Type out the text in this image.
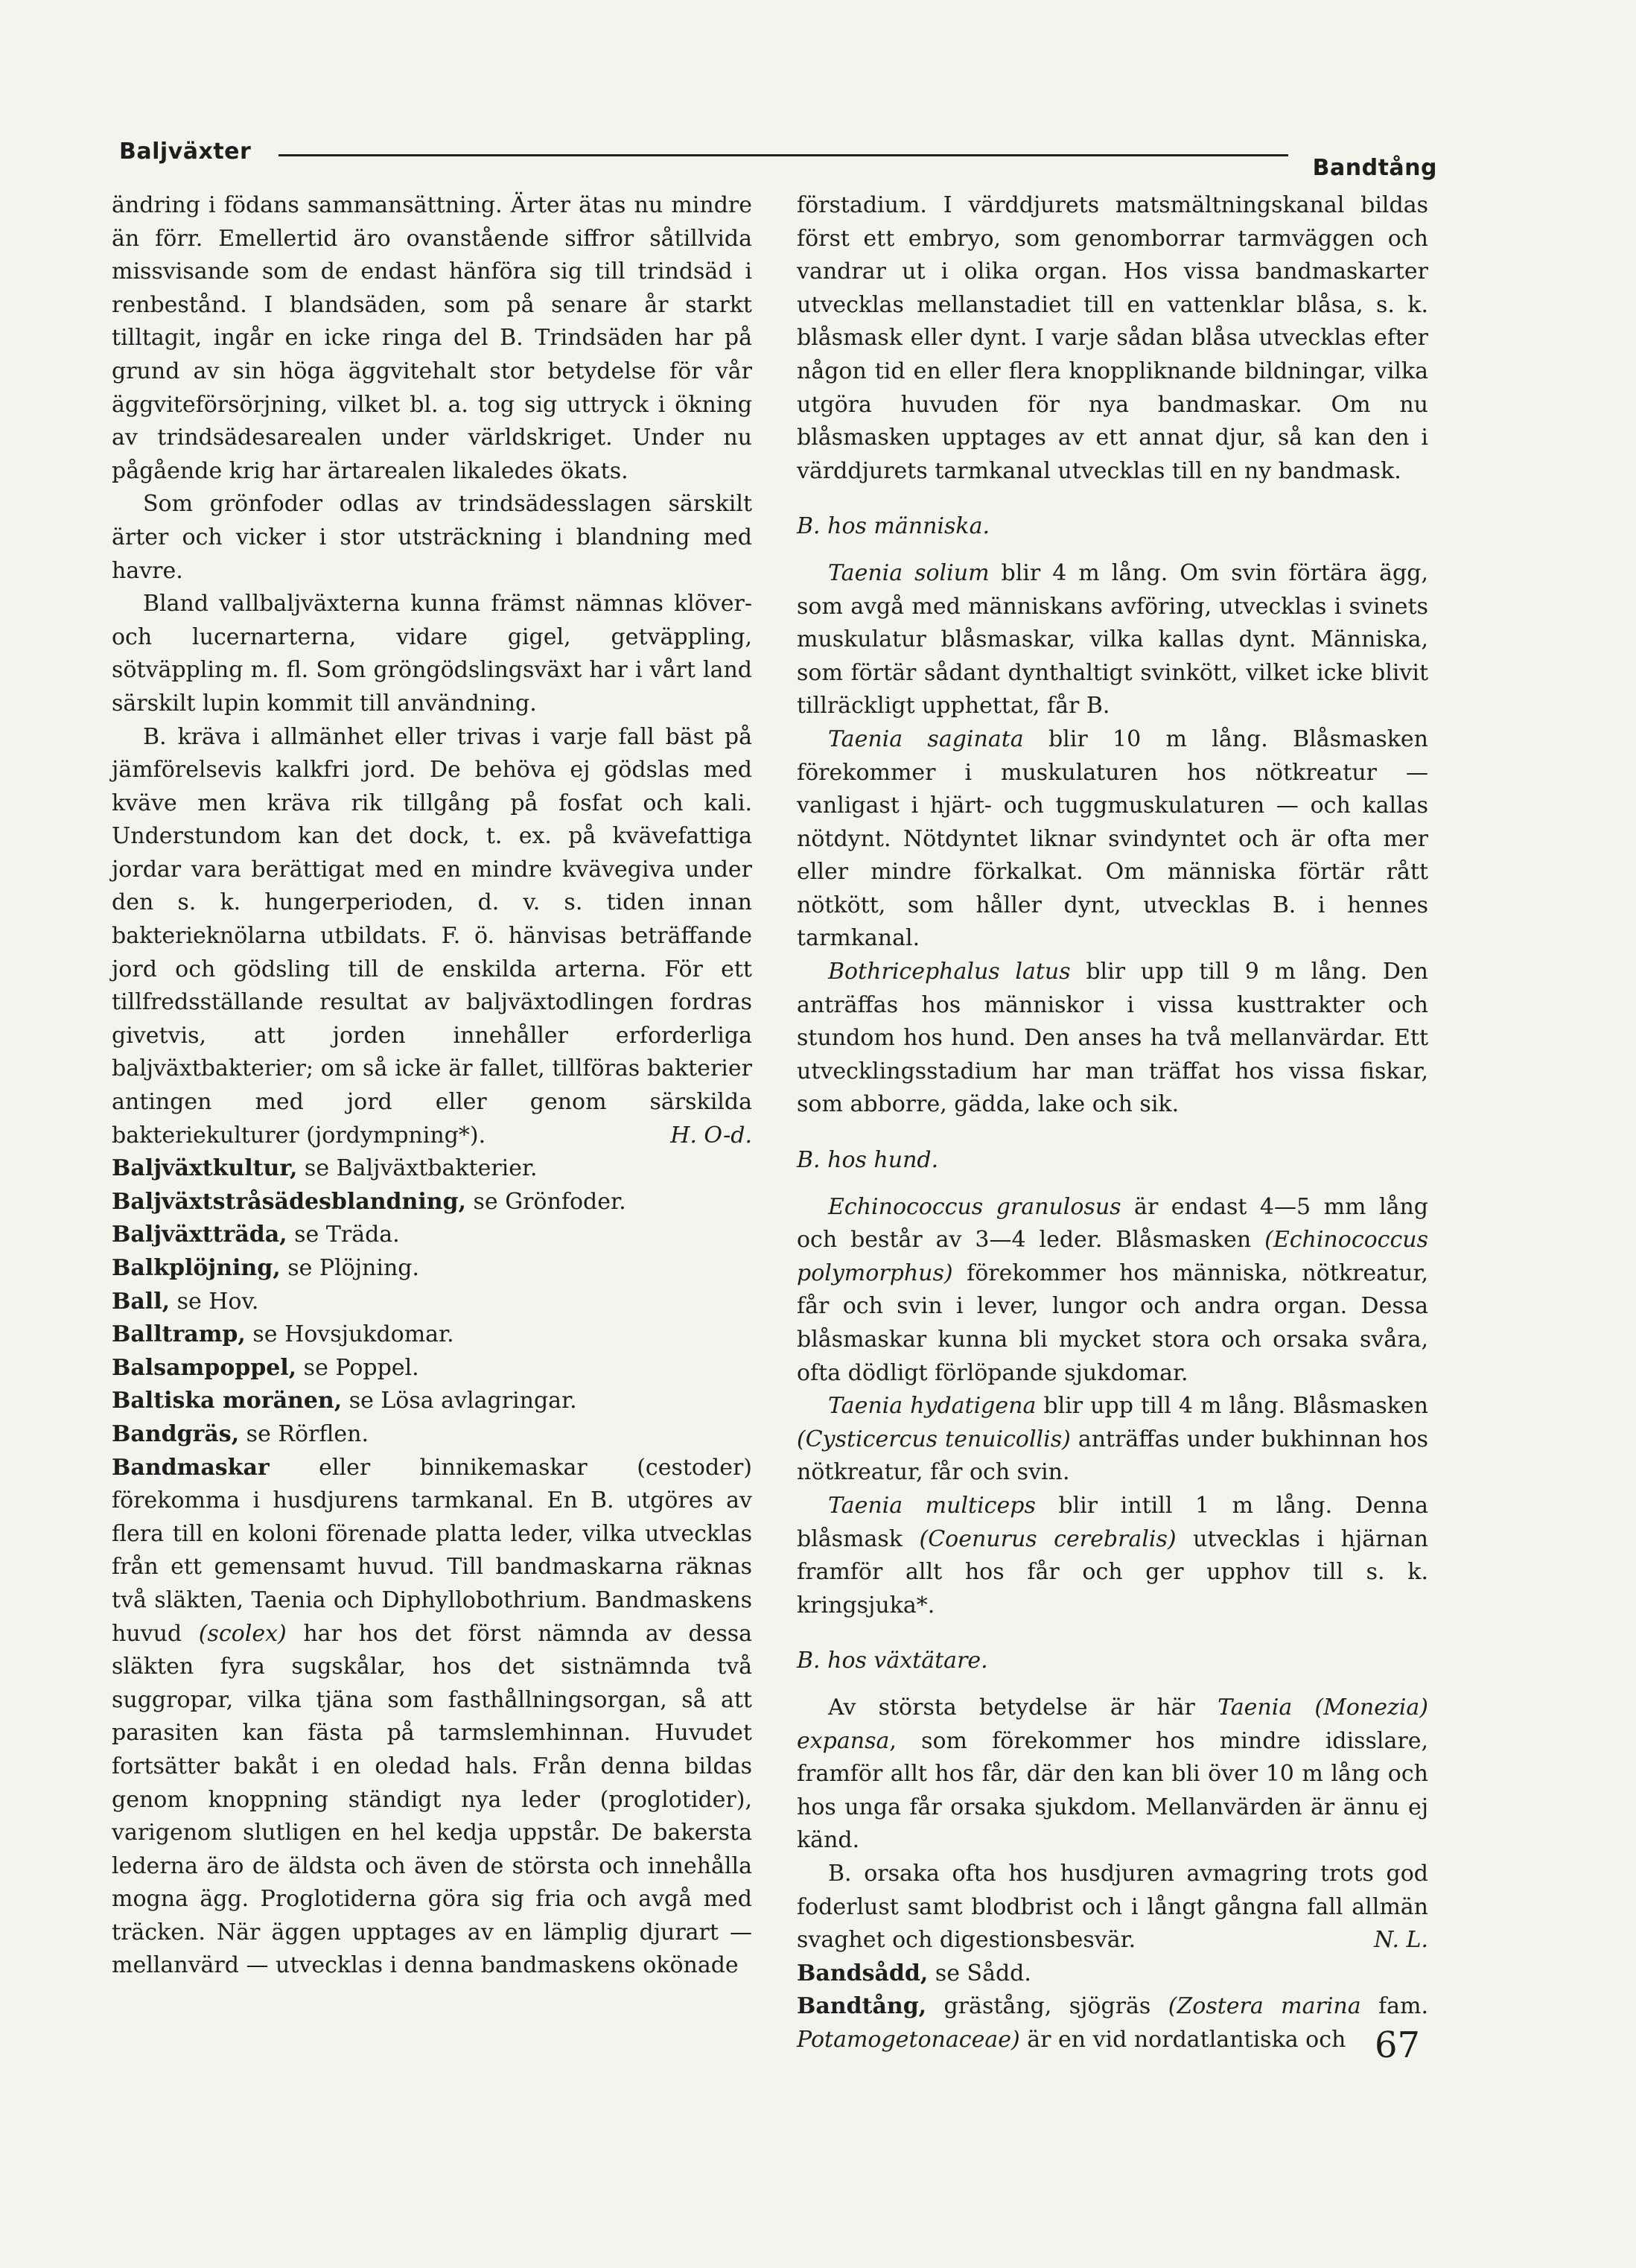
Baljväxter
Bandtång

ändring i födans sammansättning. Ärter ätas nu mindre än förr. Emellertid äro ovanstående siffror såtillvida missvisande som de endast hänföra sig till trindsäd i renbestånd. I blandsäden, som på senare år starkt tilltagit, ingår en icke ringa del B. Trindsäden har på grund av sin höga äggvitehalt stor betydelse för vår äggviteförsörjning, vilket bl. a. tog sig uttryck i ökning av trindsädesarealen under världskriget. Under nu pågående krig har ärtarealen likaledes ökats.

Som grönfoder odlas av trindsädesslagen särskilt ärter och vicker i stor utsträckning i blandning med havre.

Bland vallbaljväxterna kunna främst nämnas klöver- och lucernarterna, vidare gigel, getväppling, sötväppling m. fl. Som gröngödslingsväxt har i vårt land särskilt lupin kommit till användning.

B. kräva i allmänhet eller trivas i varje fall bäst på jämförelsevis kalkfri jord. De behöva ej gödslas med kväve men kräva rik tillgång på fosfat och kali. Understundom kan det dock, t. ex. på kvävefattiga jordar vara berättigat med en mindre kvävegiva under den s. k. hungerperioden, d. v. s. tiden innan bakterieknölarna utbildats. F. ö. hänvisas beträffande jord och gödsling till de enskilda arterna. För ett tillfredsställande resultat av baljväxtodlingen fordras givetvis, att jorden innehåller erforderliga baljväxtbakterier; om så icke är fallet, tillföras bakterier antingen med jord eller genom särskilda bakteriekulturer (jordympning*).	H. O-d.

Baljväxtkultur, se Baljväxtbakterier.

Baljväxtstråsädesblandning, se Grönfoder.

Baljväxtträda, se Träda.

Balkplöjning, se Plöjning.

Ball, se Hov.

Balltramp, se Hovsjukdomar.

Balsampoppel, se Poppel.

Baltiska moränen, se Lösa avlagringar.

Bandgräs, se Rörflen.

Bandmaskar eller binnikemaskar (cestoder) förekomma i husdjurens tarmkanal. En B. utgöres av flera till en koloni förenade platta leder, vilka utvecklas från ett gemensamt huvud. Till bandmaskarna räknas två släkten, Taenia och Diphyllobothrium. Bandmaskens huvud (scolex) har hos det först nämnda av dessa släkten fyra sugskålar, hos det sistnämnda två suggropar, vilka tjäna som fasthållningsorgan, så att parasiten kan fästa på tarmslemhinnan. Huvudet fortsätter bakåt i en oledad hals. Från denna bildas genom knoppning ständigt nya leder (proglotider), varigenom slutligen en hel kedja uppstår. De bakersta lederna äro de äldsta och även de största och innehålla mogna ägg. Proglotiderna göra sig fria och avgå med träcken. När äggen upptages av en lämplig djurart — mellanvärd — utvecklas i denna bandmaskens okönade

förstadium. I värddjurets matsmältningskanal bildas först ett embryo, som genomborrar tarmväggen och vandrar ut i olika organ. Hos vissa bandmaskarter utvecklas mellanstadiet till en vattenklar blåsa, s. k. blåsmask eller dynt. I varje sådan blåsa utvecklas efter någon tid en eller flera knoppliknande bildningar, vilka utgöra huvuden för nya bandmaskar. Om nu blåsmasken upptages av ett annat djur, så kan den i värddjurets tarmkanal utvecklas till en ny bandmask.

B. hos människa.

Taenia solium blir 4 m lång. Om svin förtära ägg, som avgå med människans avföring, utvecklas i svinets muskulatur blåsmaskar, vilka kallas dynt. Människa, som förtär sådant dynthaltigt svinkött, vilket icke blivit tillräckligt upphettat, får B.

Taenia saginata blir 10 m lång. Blåsmasken förekommer i muskulaturen hos nötkreatur — vanligast i hjärt- och tuggmuskulaturen — och kallas nötdynt. Nötdyntet liknar svindyntet och är ofta mer eller mindre förkalkat. Om människa förtär rått nötkött, som håller dynt, utvecklas B. i hennes tarmkanal.

Bothricephalus latus blir upp till 9 m lång. Den anträffas hos människor i vissa kusttrakter och stundom hos hund. Den anses ha två mellanvärdar. Ett utvecklingsstadium har man träffat hos vissa fiskar, som abborre, gädda, lake och sik.

B. hos hund.

Echinococcus granulosus är endast 4—5 mm lång och består av 3—4 leder. Blåsmasken (Echinococcus polymorphus) förekommer hos människa, nötkreatur, får och svin i lever, lungor och andra organ. Dessa blåsmaskar kunna bli mycket stora och orsaka svåra, ofta dödligt förlöpande sjukdomar.

Taenia hydatigena blir upp till 4 m lång. Blåsmasken (Cysticercus tenuicollis) anträffas under bukhinnan hos nötkreatur, får och svin.

Taenia multiceps blir intill 1 m lång. Denna blåsmask (Coenurus cerebralis) utvecklas i hjärnan framför allt hos får och ger upphov till s. k. kringsjuka*.

B. hos växtätare.

Av största betydelse är här Taenia (Monezia) expansa, som förekommer hos mindre idisslare, framför allt hos får, där den kan bli över 10 m lång och hos unga får orsaka sjukdom. Mellanvärden är ännu ej känd.

B. orsaka ofta hos husdjuren avmagring trots god foderlust samt blodbrist och i långt gångna fall allmän svaghet och digestionsbesvär.	N. L.

Bandsådd, se Sådd.

Bandtång, grästång, sjögräs (Zostera marina fam. Potamogetonaceae) är en vid nordatlantiska och 67
